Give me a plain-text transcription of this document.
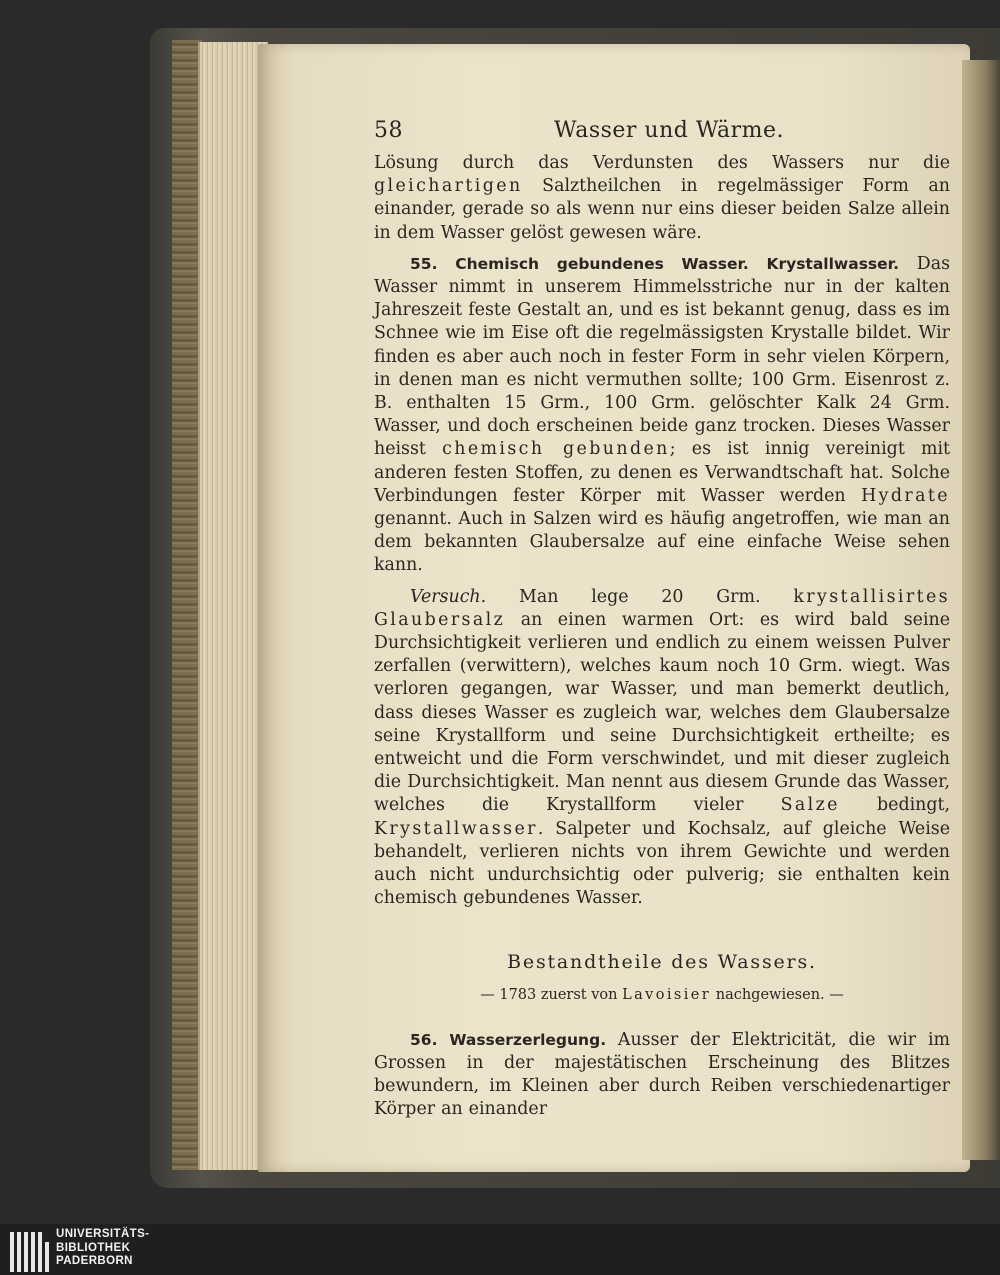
58	Wasser und Wärme.

Lösung durch das Verdunsten des Wassers nur die gleichartigen Salztheilchen in regelmässiger Form an einander, gerade so als wenn nur eins dieser beiden Salze allein in dem Wasser gelöst gewesen wäre.

55. Chemisch gebundenes Wasser. Krystallwasser. Das Wasser nimmt in unserem Himmelsstriche nur in der kalten Jahreszeit feste Gestalt an, und es ist bekannt genug, dass es im Schnee wie im Eise oft die regelmässigsten Krystalle bildet. Wir finden es aber auch noch in fester Form in sehr vielen Körpern, in denen man es nicht vermuthen sollte; 100 Grm. Eisenrost z. B. enthalten 15 Grm., 100 Grm. gelöschter Kalk 24 Grm. Wasser, und doch erscheinen beide ganz trocken. Dieses Wasser heisst chemisch gebunden; es ist innig vereinigt mit anderen festen Stoffen, zu denen es Verwandtschaft hat. Solche Verbindungen fester Körper mit Wasser werden Hydrate genannt. Auch in Salzen wird es häufig angetroffen, wie man an dem bekannten Glaubersalze auf eine einfache Weise sehen kann.

Versuch. Man lege 20 Grm. krystallisirtes Glaubersalz an einen warmen Ort: es wird bald seine Durchsichtigkeit verlieren und endlich zu einem weissen Pulver zerfallen (verwittern), welches kaum noch 10 Grm. wiegt. Was verloren gegangen, war Wasser, und man bemerkt deutlich, dass dieses Wasser es zugleich war, welches dem Glaubersalze seine Krystallform und seine Durchsichtigkeit ertheilte; es entweicht und die Form verschwindet, und mit dieser zugleich die Durchsichtigkeit. Man nennt aus diesem Grunde das Wasser, welches die Krystallform vieler Salze bedingt, Krystallwasser. Salpeter und Kochsalz, auf gleiche Weise behandelt, verlieren nichts von ihrem Gewichte und werden auch nicht undurchsichtig oder pulverig; sie enthalten kein chemisch gebundenes Wasser.

Bestandtheile des Wassers.
— 1783 zuerst von Lavoisier nachgewiesen. —

56. Wasserzerlegung. Ausser der Elektricität, die wir im Grossen in der majestätischen Erscheinung des Blitzes bewundern, im Kleinen aber durch Reiben verschiedenartiger Körper an einander

UNIVERSITÄTS-
BIBLIOTHEK
PADERBORN
